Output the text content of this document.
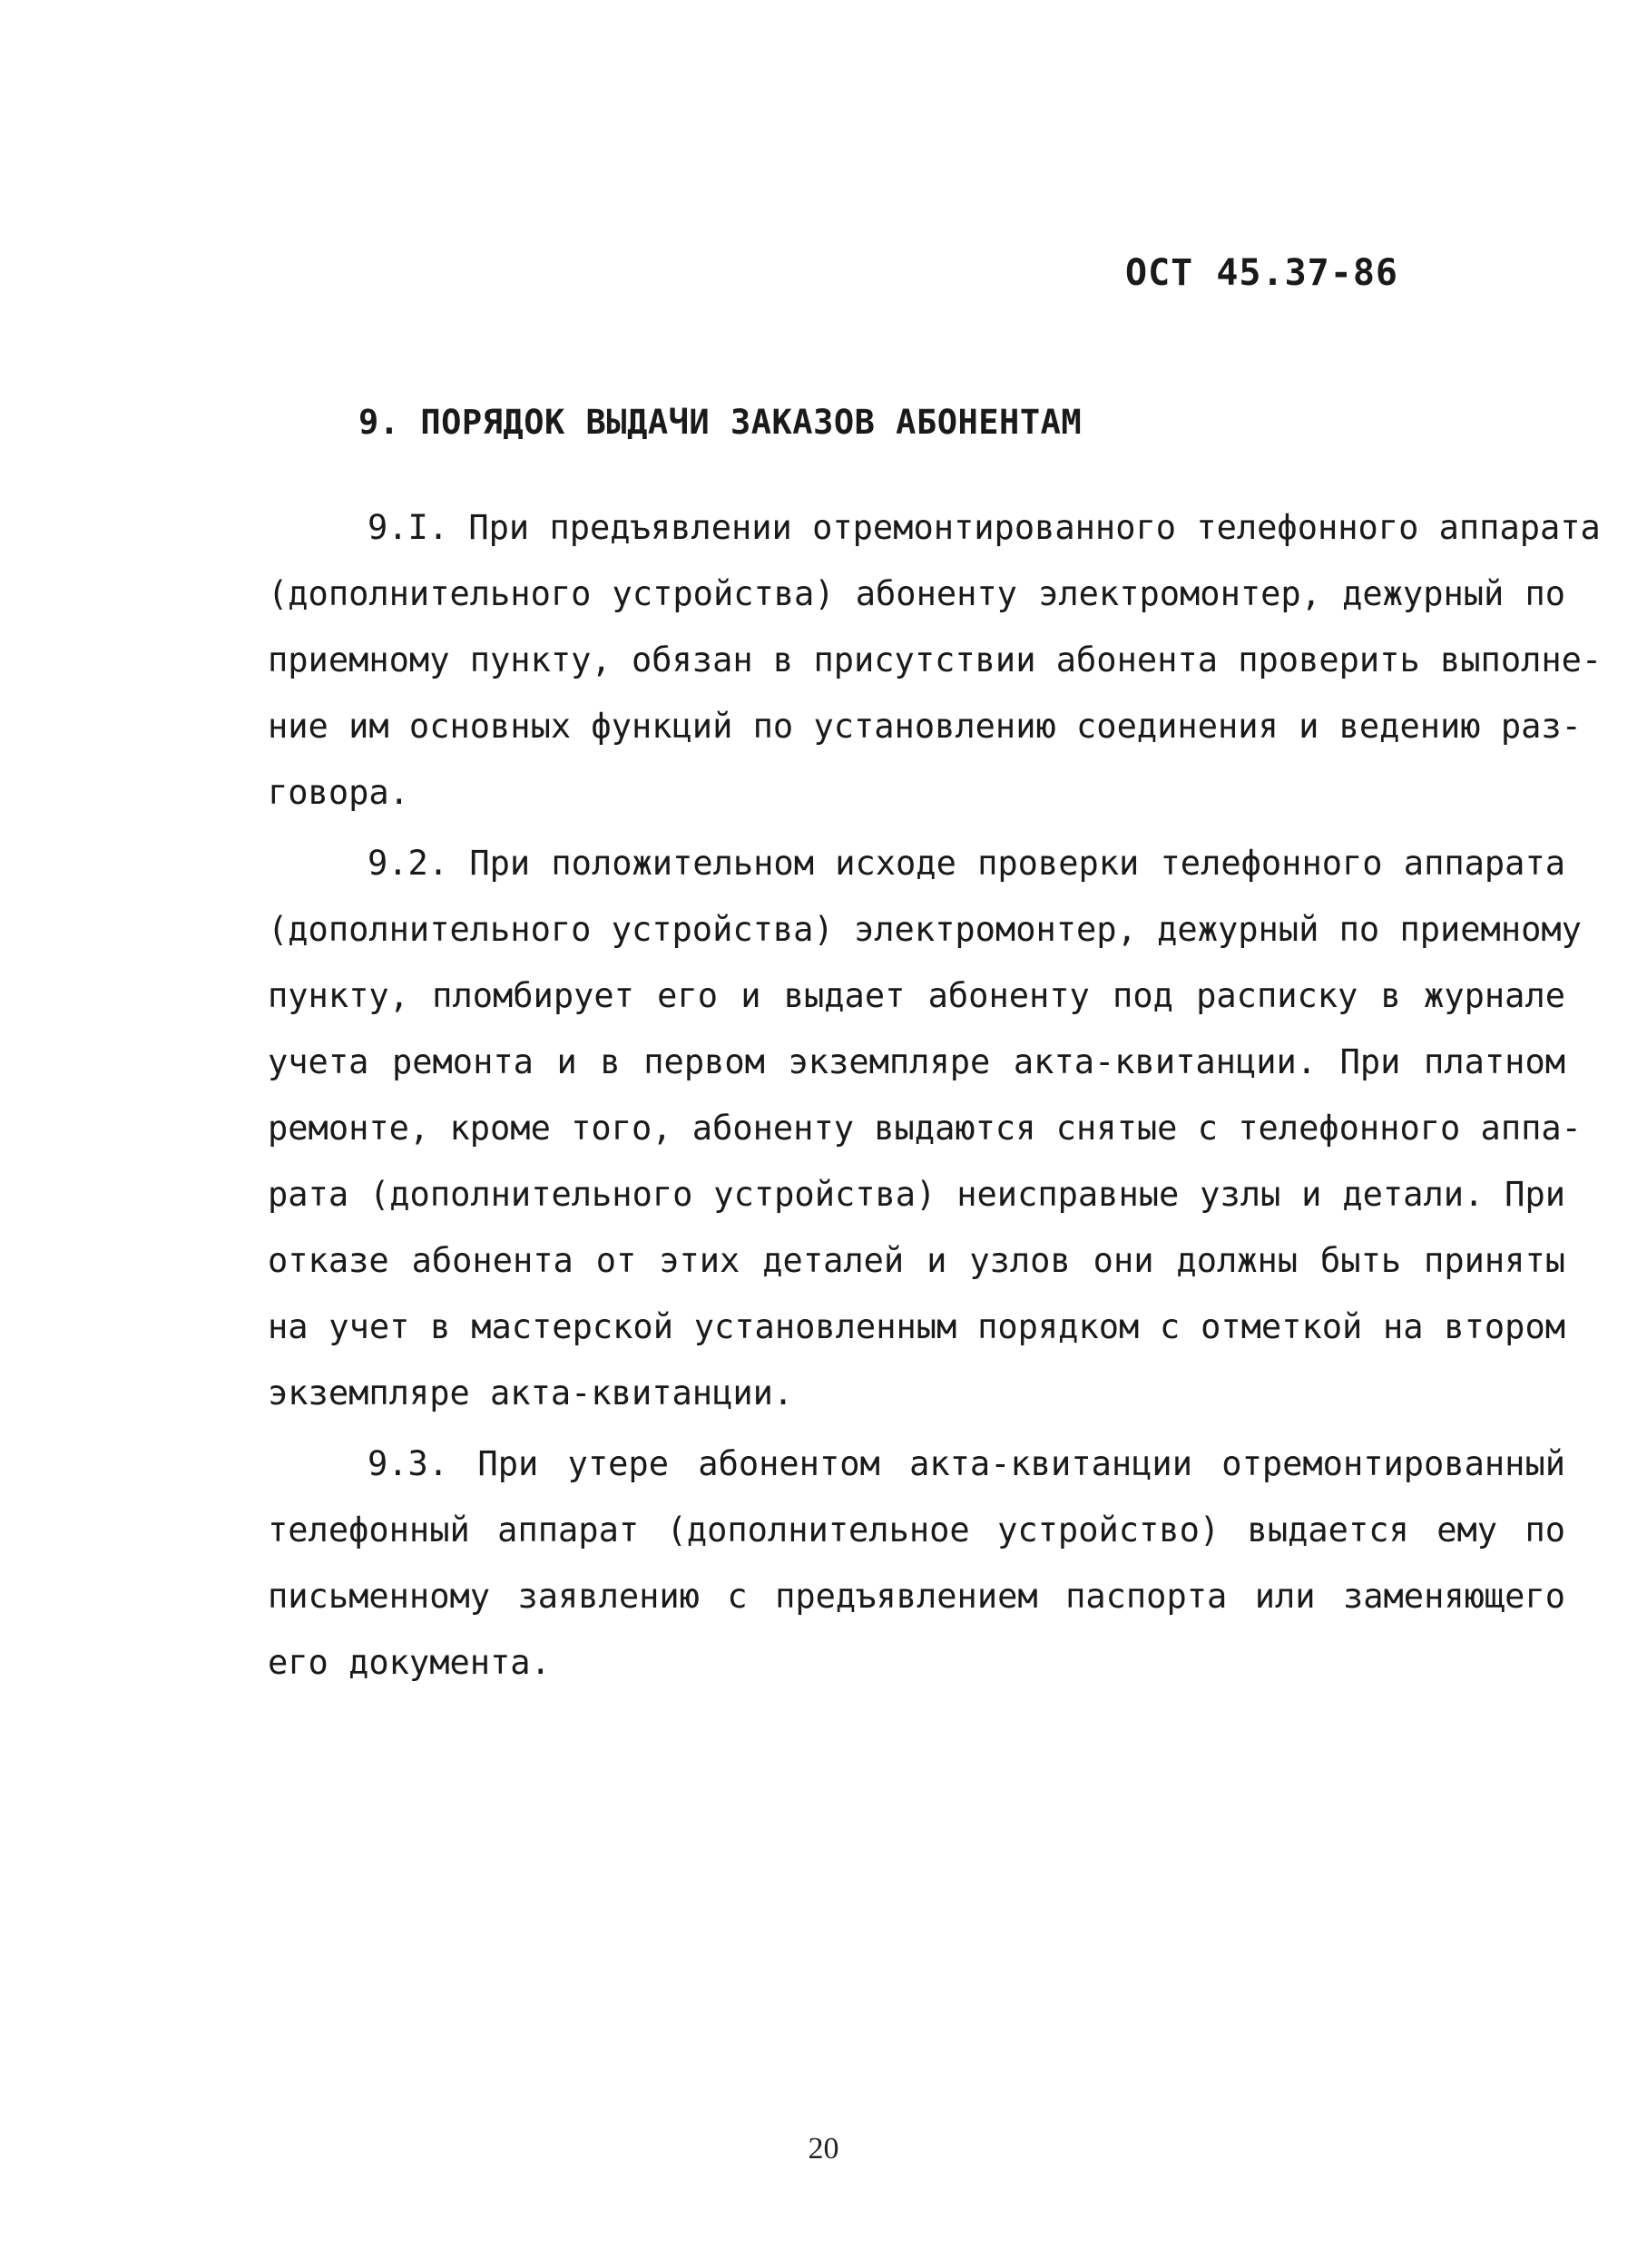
ОСТ 45.37-86
9. ПОРЯДОК ВЫДАЧИ ЗАКАЗОВ АБОНЕНТАМ
9.I. При предъявлении отремонтированного телефонного аппарата
(дополнительного устройства) абоненту электромонтер, дежурный по
приемному пункту, обязан в присутствии абонента проверить выполне-
ние им основных функций по установлению соединения и ведению раз-
говора.
9.2. При положительном исходе проверки телефонного аппарата
(дополнительного устройства) электромонтер, дежурный по приемному
пункту, пломбирует его и выдает абоненту под расписку в журнале
учета ремонта и в первом экземпляре акта-квитанции. При платном
ремонте, кроме того, абоненту выдаются снятые с телефонного аппа-
рата (дополнительного устройства) неисправные узлы и детали. При
отказе абонента от этих деталей и узлов они должны быть приняты
на учет в мастерской установленным порядком с отметкой на втором
экземпляре акта-квитанции.
9.3. При утере абонентом акта-квитанции отремонтированный
телефонный аппарат (дополнительное устройство) выдается ему по
письменному заявлению с предъявлением паспорта или заменяющего
его документа.
20
